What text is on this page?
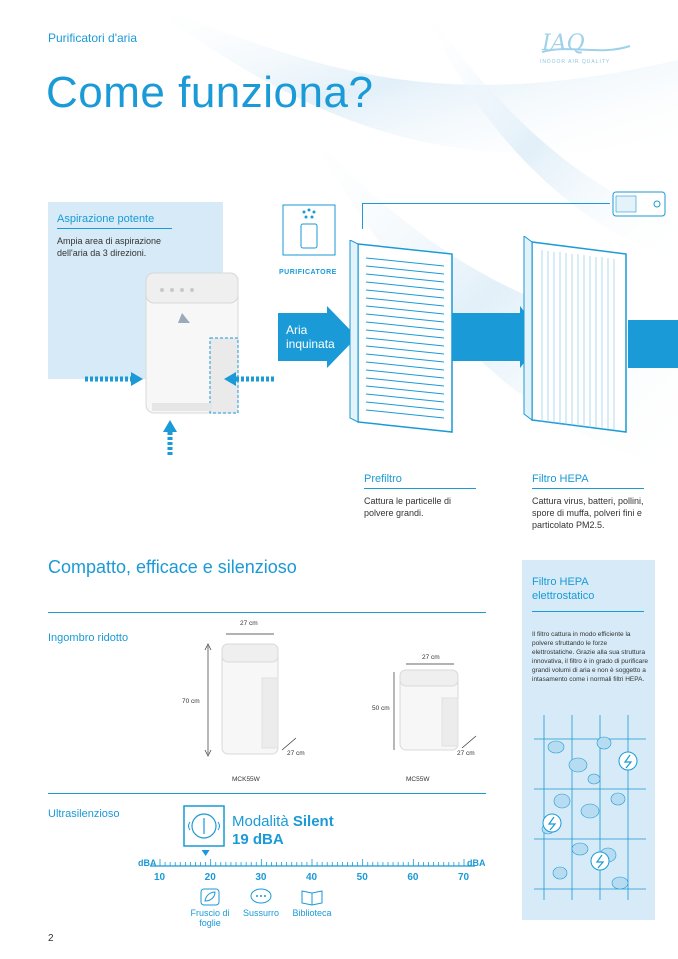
Purificatori d'aria	IAQ
INDOOR AIR QUALITY
Come funziona?
Aspirazione potente
Ampia area di aspirazione dell'aria da 3 direzioni.
PURIFICATORE
Aria inquinata
Prefiltro
Cattura le particelle di polvere grandi.
Filtro HEPA
Cattura virus, batteri, pollini, spore di muffa, polveri fini e particolato PM2.5.
Compatto, efficace e silenzioso
Ingombro ridotto
27 cm
70 cm
27 cm
MCK55W
27 cm
50 cm
27 cm
MC55W
Filtro HEPA elettrostatico
Il filtro cattura in modo efficiente la polvere sfruttando le forze elettrostatiche. Grazie alla sua struttura innovativa, il filtro è in grado di purificare grandi volumi di aria e non è soggetto a intasamento come i normali filtri HEPA.
Ultrasilenzioso	Modalità Silent
19 dBA
dBA	dBA
Fruscio di foglie
Sussurro	Biblioteca
2
10	20	30	40	50	60	70
